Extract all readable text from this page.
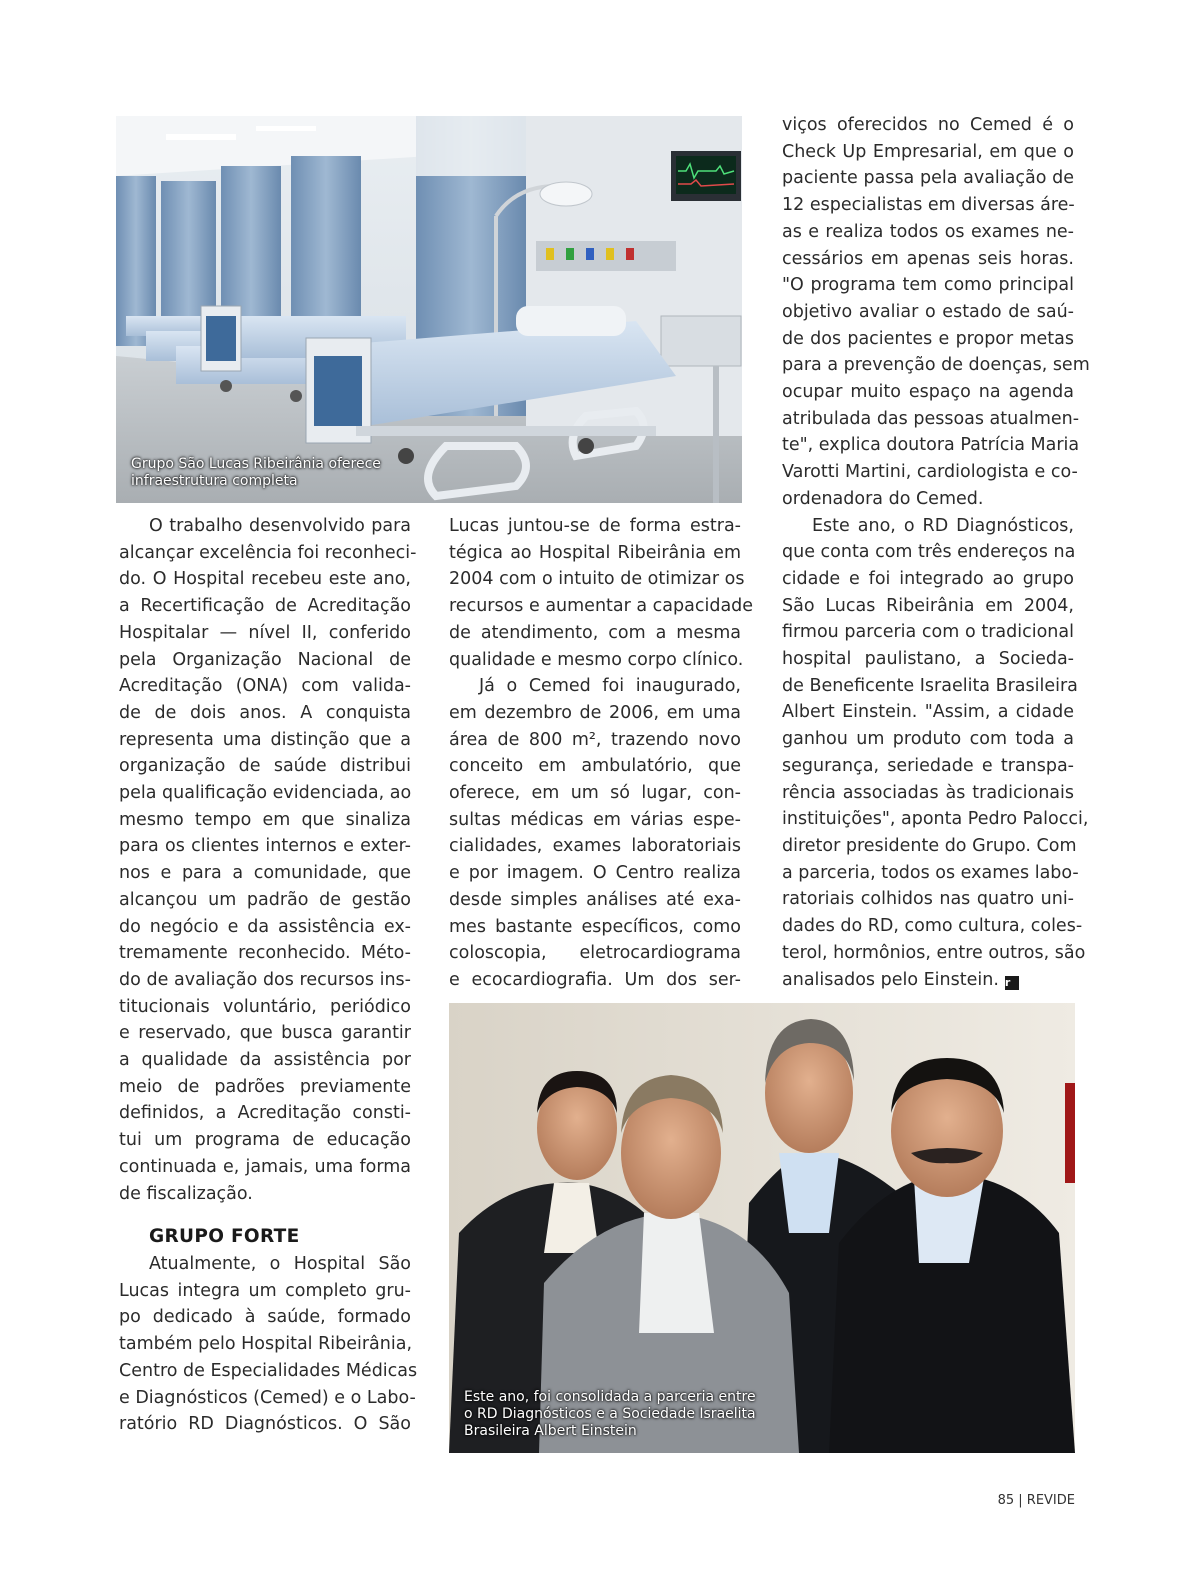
Grupo São Lucas Ribeirânia oferece
infraestrutura completa

O trabalho desenvolvido para
alcançar excelência foi reconheci-
do. O Hospital recebeu este ano,
a Recertificação de Acreditação
Hospitalar — nível II, conferido
pela Organização Nacional de
Acreditação (ONA) com valida-
de de dois anos. A conquista
representa uma distinção que a
organização de saúde distribui
pela qualificação evidenciada, ao
mesmo tempo em que sinaliza
para os clientes internos e exter-
nos e para a comunidade, que
alcançou um padrão de gestão
do negócio e da assistência ex-
tremamente reconhecido. Méto-
do de avaliação dos recursos ins-
titucionais voluntário, periódico
e reservado, que busca garantir
a qualidade da assistência por
meio de padrões previamente
definidos, a Acreditação consti-
tui um programa de educação
continuada e, jamais, uma forma
de fiscalização.

GRUPO FORTE

Atualmente, o Hospital São
Lucas integra um completo gru-
po dedicado à saúde, formado
também pelo Hospital Ribeirânia,
Centro de Especialidades Médicas
e Diagnósticos (Cemed) e o Labo-
ratório RD Diagnósticos. O São

Lucas juntou-se de forma estra-
tégica ao Hospital Ribeirânia em
2004 com o intuito de otimizar os
recursos e aumentar a capacidade
de atendimento, com a mesma
qualidade e mesmo corpo clínico.

Já o Cemed foi inaugurado,
em dezembro de 2006, em uma
área de 800 m², trazendo novo
conceito em ambulatório, que
oferece, em um só lugar, con-
sultas médicas em várias espe-
cialidades, exames laboratoriais
e por imagem. O Centro realiza
desde simples análises até exa-
mes bastante específicos, como
coloscopia, eletrocardiograma
e ecocardiografia. Um dos ser-

viços oferecidos no Cemed é o
Check Up Empresarial, em que o
paciente passa pela avaliação de
12 especialistas em diversas áre-
as e realiza todos os exames ne-
cessários em apenas seis horas.
"O programa tem como principal
objetivo avaliar o estado de saú-
de dos pacientes e propor metas
para a prevenção de doenças, sem
ocupar muito espaço na agenda
atribulada das pessoas atualmen-
te", explica doutora Patrícia Maria
Varotti Martini, cardiologista e co-
ordenadora do Cemed.

Este ano, o RD Diagnósticos,
que conta com três endereços na
cidade e foi integrado ao grupo
São Lucas Ribeirânia em 2004,
firmou parceria com o tradicional
hospital paulistano, a Socieda-
de Beneficente Israelita Brasileira
Albert Einstein. "Assim, a cidade
ganhou um produto com toda a
segurança, seriedade e transpa-
rência associadas às tradicionais
instituições", aponta Pedro Palocci,
diretor presidente do Grupo. Com
a parceria, todos os exames labo-
ratoriais colhidos nas quatro uni-
dades do RD, como cultura, coles-
terol, hormônios, entre outros, são
analisados pelo Einstein. r

Este ano, foi consolidada a parceria entre
o RD Diagnósticos e a Sociedade Israelita
Brasileira Albert Einstein
85 | REVIDE
